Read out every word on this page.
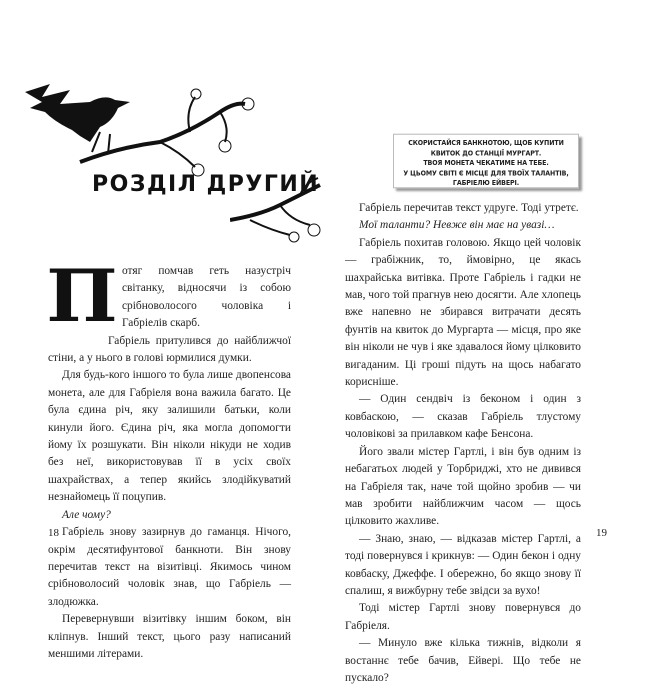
РОЗДІЛ ДРУГИЙ

Потяг помчав геть назустріч світанку, відносячи із собою срібноволосого чоловіка і Габріелів скарб.

Габріель притулився до найближчої стіни, а у нього в голові юрмилися думки.

Для будь-кого іншого то була лише двопенсова монета, але для Габріеля вона важила багато. Це була єдина річ, яку залишили батьки, коли кинули його. Єдина річ, яка могла допомогти йому їх розшукати. Він ніколи нікуди не ходив без неї, використовував її в усіх своїх шахрайствах, а тепер якийсь злодійкуватий незнайомець її поцупив.

Але чому?

Габріель знову зазирнув до гаманця. Нічого, окрім десятифунтової банкноти. Він знову перечитав текст на візитівці. Якимось чином срібноволосий чоловік знав, що Габріель — злодюжка.

Перевернувши візитівку іншим боком, він кліпнув. Інший текст, цього разу написаний меншими літерами.

18
СКОРИСТАЙСЯ БАНКНОТОЮ, ЩОБ КУПИТИ КВИТОК ДО СТАНЦІЇ МУРГАРТ.
ТВОЯ МОНЕТА ЧЕКАТИМЕ НА ТЕБЕ.
У ЦЬОМУ СВІТІ Є МІСЦЕ ДЛЯ ТВОЇХ ТАЛАНТІВ,
ГАБРІЕЛЮ ЕЙВЕРІ.

Габріель перечитав текст удруге. Тоді утретє.

Мої таланти? Невже він має на увазі…

Габріель похитав головою. Якщо цей чоловік — грабіжник, то, ймовірно, це якась шахрайська витівка. Проте Габріель і гадки не мав, чого той прагнув нею досягти. Але хлопець вже напевно не збирався витрачати десять фунтів на квиток до Мургарта — місця, про яке він ніколи не чув і яке здавалося йому цілковито вигаданим. Ці гроші підуть на щось набагато корисніше.

— Один сендвіч із беконом і один з ковбаскою, — сказав Габріель тлустому чоловікові за прилавком кафе Бенсона.

Його звали містер Гартлі, і він був одним із небагатьох людей у Торбриджі, хто не дивився на Габріеля так, наче той щойно зробив — чи мав зробити найближчим часом — щось цілковито жахливе.

— Знаю, знаю, — відказав містер Гартлі, а тоді повернувся і крикнув: — Один бекон і одну ковбаску, Джеффе. І обережно, бо якщо знову її спалиш, я вижбурну тебе звідси за вухо!

Тоді містер Гартлі знову повернувся до Габріеля.

— Минуло вже кілька тижнів, відколи я востаннє тебе бачив, Ейвері. Що тебе не пускало?

19
